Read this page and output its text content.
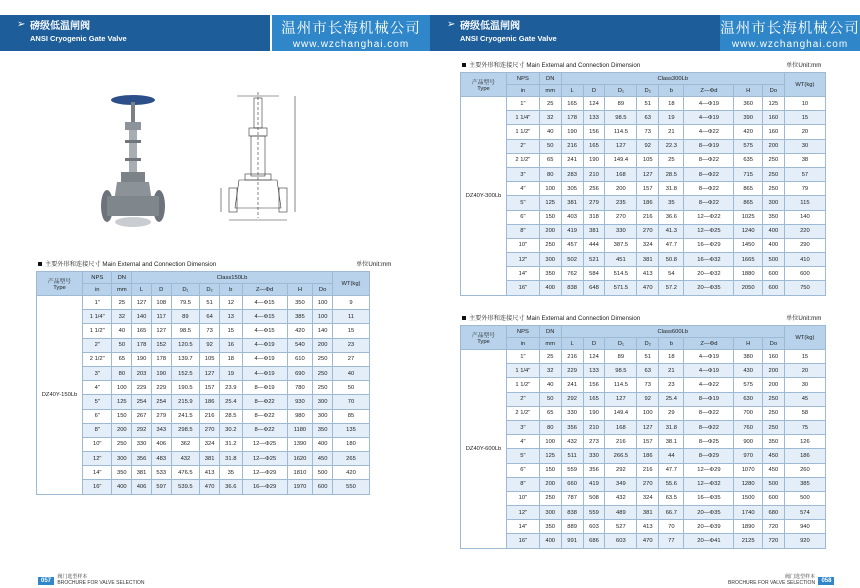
➢ 磅级低温闸阀
ANSI Cryogenic Gate Valve
温州市长海机械公司
www.wzchanghai.com
主要外形和连接尺寸 Main External and Connection Dimension	单位Unit:mm
产品型号
Type	NPS	DN	Class150Lb								WT(kg)
	in	mm	L	D	D₁	D₂	b	Z—Φd	H	Do	
DZ40Y-150Lb	1"	25	127	108	79.5	51	12	4—Φ15	350	100	9
	1 1/4"	32	140	117	89	64	13	4—Φ15	385	100	11
	1 1/2"	40	165	127	98.5	73	15	4—Φ15	420	140	15
	2"	50	178	152	120.5	92	16	4—Φ19	540	200	23
	2 1/2"	65	190	178	139.7	105	18	4—Φ19	610	250	27
	3"	80	203	190	152.5	127	19	4—Φ19	690	250	40
	4"	100	229	229	190.5	157	23.9	8—Φ19	780	250	50
	5"	125	254	254	215.9	186	25.4	8—Φ22	930	300	70
	6"	150	267	279	241.5	216	28.5	8—Φ22	980	300	85
	8"	200	292	343	298.5	270	30.2	8—Φ22	1180	350	135
	10"	250	330	406	362	324	31.2	12—Φ25	1390	400	180
	12"	300	356	483	432	381	31.8	12—Φ25	1620	450	265
	14"	350	381	533	476.5	413	35	12—Φ29	1810	500	420
	16"	400	406	597	539.5	470	36.6	16—Φ29	1970	600	550
057 阀门选型样本
BROCHURE FOR VALVE SELECTION
➢ 磅级低温闸阀
ANSI Cryogenic Gate Valve
温州市长海机械公司
www.wzchanghai.com
主要外形和连接尺寸 Main External and Connection Dimension	单位Unit:mm
产品型号
Type	NPS	DN	Class300Lb								WT(kg)
	in	mm	L	D	D₁	D₂	b	Z—Φd	H	Do	
DZ40Y-300Lb	1"	25	165	124	89	51	18	4—Φ19	360	125	10
	1 1/4"	32	178	133	98.5	63	19	4—Φ19	390	160	15
	1 1/2"	40	190	156	114.5	73	21	4—Φ22	420	160	20
	2"	50	216	165	127	92	22.3	8—Φ19	575	200	30
	2 1/2"	65	241	190	149.4	105	25	8—Φ22	635	250	38
	3"	80	283	210	168	127	28.5	8—Φ22	715	250	57
	4"	100	305	256	200	157	31.8	8—Φ22	865	250	79
	5"	125	381	279	235	186	35	8—Φ22	865	300	115
	6"	150	403	318	270	216	36.6	12—Φ22	1025	350	140
	8"	200	419	381	330	270	41.3	12—Φ25	1240	400	220
	10"	250	457	444	387.5	324	47.7	16—Φ29	1450	400	290
	12"	300	502	521	451	381	50.8	16—Φ32	1665	500	410
	14"	350	762	584	514.5	413	54	20—Φ32	1880	600	600
	16"	400	838	648	571.5	470	57.2	20—Φ35	2050	600	750
主要外形和连接尺寸 Main External and Connection Dimension	单位Unit:mm
产品型号
Type	NPS	DN	Class600Lb								WT(kg)
	in	mm	L	D	D₁	D₂	b	Z—Φd	H	Do	
DZ40Y-600Lb	1"	25	216	124	89	51	18	4—Φ19	380	160	15
	1 1/4"	32	229	133	98.5	63	21	4—Φ19	430	200	20
	1 1/2"	40	241	156	114.5	73	23	4—Φ22	575	200	30
	2"	50	292	165	127	92	25.4	8—Φ19	630	250	45
	2 1/2"	65	330	190	149.4	100	29	8—Φ22	700	250	58
	3"	80	356	210	168	127	31.8	8—Φ22	760	250	75
	4"	100	432	273	216	157	38.1	8—Φ25	900	350	126
	5"	125	511	330	266.5	186	44	8—Φ29	970	450	186
	6"	150	559	356	292	216	47.7	12—Φ29	1070	450	260
	8"	200	660	419	349	270	55.6	12—Φ32	1280	500	385
	10"	250	787	508	432	324	63.5	16—Φ35	1500	600	500
	12"	300	838	559	489	381	66.7	20—Φ35	1740	680	574
	14"	350	889	603	527	413	70	20—Φ39	1890	720	940
	16"	400	991	686	603	470	77	20—Φ41	2125	720	920
阀门选型样本
BROCHURE FOR VALVE SELECTION 058
